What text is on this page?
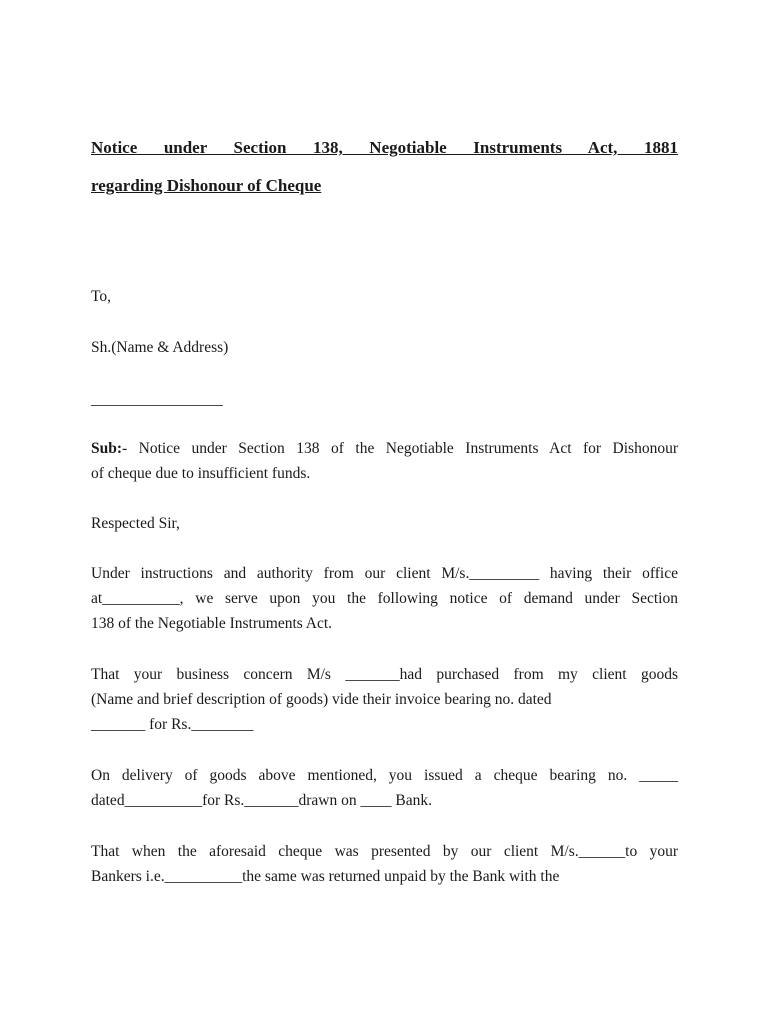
Notice under Section 138, Negotiable Instruments Act, 1881
regarding Dishonour of Cheque
To,
Sh.(Name & Address)
_________________
Sub:- Notice under Section 138 of the Negotiable Instruments Act for Dishonour
of cheque due to insufficient funds.
Respected Sir,
Under instructions and authority from our client M/s._________ having their office
at__________, we serve upon you the following notice of demand under Section
138 of the Negotiable Instruments Act.
That your business concern M/s _______had purchased from my client goods
(Name and brief description of goods) vide their invoice bearing no. dated
_______ for Rs.________
On delivery of goods above mentioned, you issued a cheque bearing no. _____
dated__________for Rs._______drawn on ____ Bank.
That when the aforesaid cheque was presented by our client M/s.______to your
Bankers i.e.__________the same was returned unpaid by the Bank with the
